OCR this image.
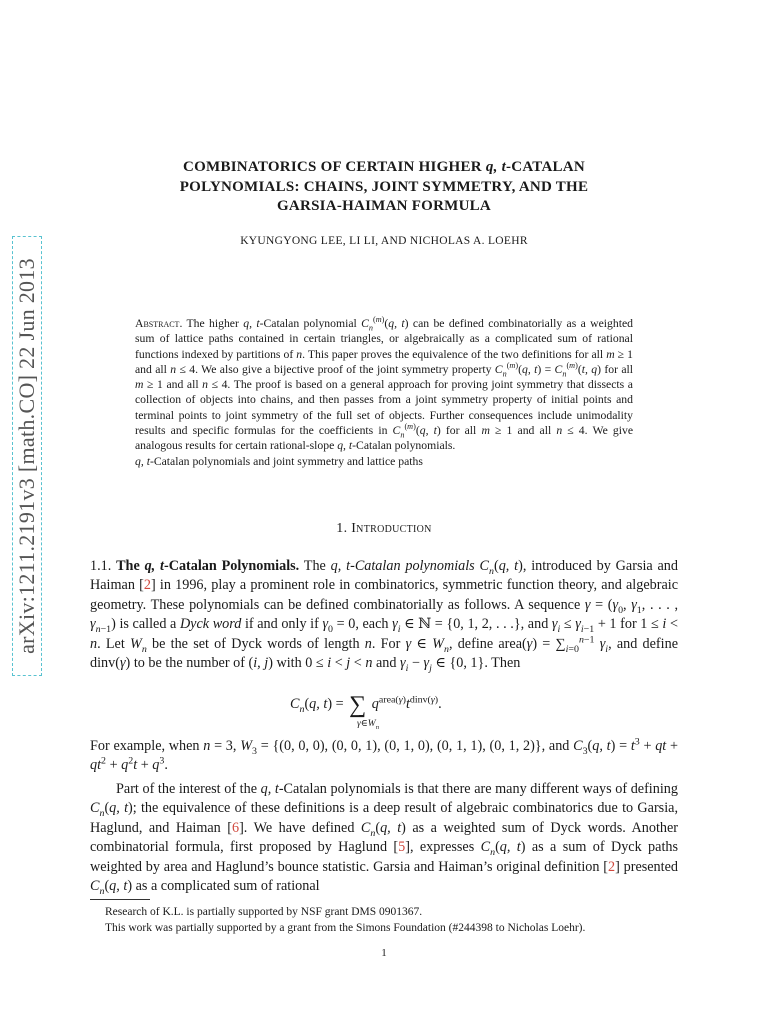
arXiv:1211.2191v3 [math.CO] 22 Jun 2013
COMBINATORICS OF CERTAIN HIGHER q, t-CATALAN
POLYNOMIALS: CHAINS, JOINT SYMMETRY, AND THE
GARSIA-HAIMAN FORMULA
KYUNGYONG LEE, LI LI, AND NICHOLAS A. LOEHR
Abstract. The higher q, t-Catalan polynomial $C_n^{(m)}(q$, t) can be defined combinatorially as a weighted sum of lattice paths contained in certain triangles, or algebraically as a complicated sum of rational functions indexed by partitions of n. This paper proves the equivalence of the two definitions for all m ≥ 1 and all n ≤ 4. We also give a bijective proof of the joint symmetry property $C_n^{(m)}(q$, $t) = C_n^{(m)}(t$, q) for all m ≥ 1 and all n ≤ 4. The proof is based on a general approach for proving joint symmetry that dissects a collection of objects into chains, and then passes from a joint symmetry property of initial points and terminal points to joint symmetry of the full set of objects. Further consequences include unimodality results and specific formulas for the coefficients in $C_n^{(m)}(q$, t) for all m ≥ 1 and all n ≤ 4. We give analogous results for certain rational-slope q, t-Catalan polynomials.
q, t-Catalan polynomials and joint symmetry and lattice paths
1. Introduction
1.1. The q, t-Catalan Polynomials. The q, t-Catalan polynomials $C_n(q$, t), introduced by Garsia and Haiman [2] in 1996, play a prominent role in combinatorics, symmetric function theory, and algebraic geometry. These polynomials can be defined combinatorially as follows. A sequence $\gamma = (\gamma_0$, $\gamma_1$, . . . , $\gamma_{n-1}$) is called a Dyck word if and only if $\gamma_0 = 0$, each $\gamma_i$ ∈ ℕ = {0, 1, 2, . . .}, and $\gamma_i \le \gamma_{i-1} + 1$ for 1 ≤ i < n. Let $W_n$ be the set of Dyck words of length n. For γ ∈ $W_n$, define area(γ) = $\sum_{i=0}^{n-1}$ $\gamma_i$, and define dinv(γ) to be the number of (i, j) with 0 ≤ i < j < n and $\gamma_i - \gamma_j$ ∈ {0, 1}. Then
$C_n(q$, t) = ∑ $q^{area(\gamma)}t^{dinv(\gamma)}$.
$\gamma\in W_n$
For example, when n = 3, $W_3 = \{(0$, 0, 0), (0, 0, 1), (0, 1, 0), (0, 1, 1), (0, 1, 2)}, and $C_3(q$, $t) = t^3$ + qt + $qt^2 + q^2t + q^3$.
Part of the interest of the q, t-Catalan polynomials is that there are many different ways of defining $C_n(q$, t); the equivalence of these definitions is a deep result of algebraic combinatorics due to Garsia, Haglund, and Haiman [6]. We have defined $C_n(q$, t) as a weighted sum of Dyck words. Another combinatorial formula, first proposed by Haglund [5], expresses $C_n(q$, t) as a sum of Dyck paths weighted by area and Haglund’s bounce statistic. Garsia and Haiman’s original definition [2] presented $C_n(q$, t) as a complicated sum of rational
Research of K.L. is partially supported by NSF grant DMS 0901367.
This work was partially supported by a grant from the Simons Foundation (#244398 to Nicholas Loehr).
1
